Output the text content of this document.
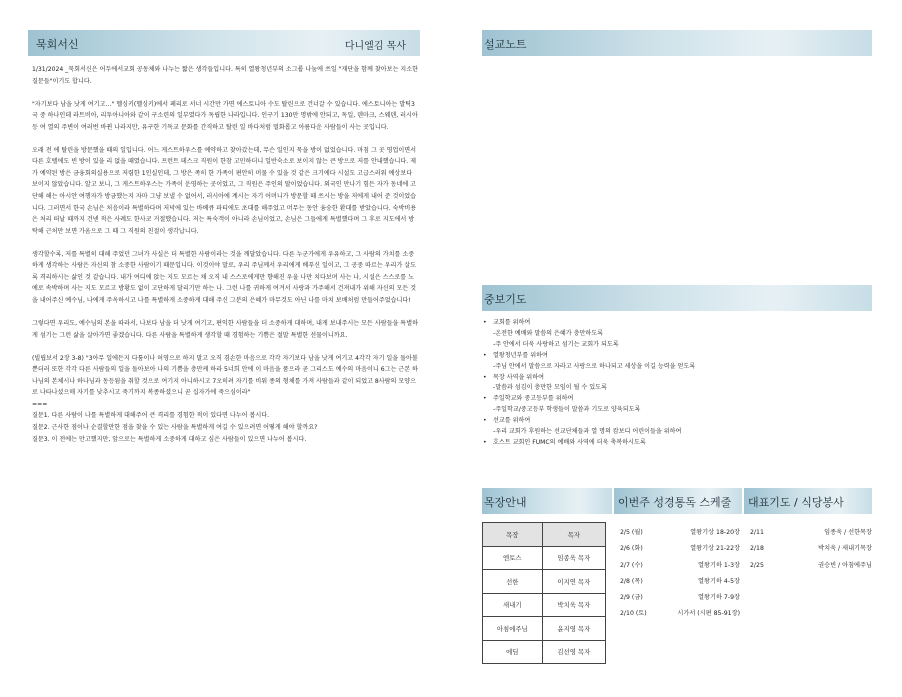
묵회서신	다니엘김 목사

1/31/2024 _묵회서신은 어두에서교회 공동체와 나누는 짧은 생각들입니다. 특히 열왕청년부의 소그룹 나눔에 쓰일 "재단을 함께 찾아보는 지소한 질문들"이기도 합니다.

"자기보다 남을 낫게 여기고…" 헬싱키(헬싱키)에서 페리로 서너 시간만 가면 에스토니아 수도 탈린으로 건너갈 수 있습니다. 에스토니아는 발틱3국 중 하나인데 라트비아, 리투아니아와 같이 구소련의 일부였다가 독립한 나라입니다. 인구기 130만 명밖에 안되고, 독일, 덴마크, 스웨덴, 러시아 등 여 열의 주변이 여러번 바뀐 나라지만, 유구한 기독교 문화를 간직하고 탈린 일 바다처럼 멀화롭고 아름다운 사람들이 사는 곳입니다.

오래 전 에 탈린을 방문했을 때의 일입니다. 어느 게스트하우스를 예약하고 찾아갔는데, 무슨 일인지 묵을 방이 없었습니다. 마침 그 곳 영업이면서 다른 호텔에도 빈 방이 있을 리 없을 때였습니다. 프런트 데스크 직원이 한참 고민하더니 일반숙소로 보이지 않는 큰 방으로 저를 안내했습니다. 제가 예약된 방은 금융회의실용으로 저렴한 1인실인데, 그 방은 족히 한 가족이 편안히 머물 수 있을 것 같은 크기에다 시설도 고급스러워 예상보다 보이지 않았습니다. 알고 보니, 그 게스트하우스는 가족이 운영하는 곳이었고, 그 직원은 주인의 딸이었습니다. 외국인 만나기 힘든 자가 동네에 고단해 해는 아시안 여행자가 방금했는지 자마 그냥 보낼 수 없어서, 러시아에 계시는 자기 어머니가 방문할 때 쓰시는 방을 저에게 내어 준 것이었습니다. 그러면서 한국 손님은 처음이라 특별하다며 저녁에 있는 바베큐 파티에도 초대를 해주었고 머무는 동안 융숭한 환대를 받았습니다. 숙박비용은 처리 떠날 때까지 건넨 적은 사례도 한사코 거절했습니다. 저는 특숙객이 아니라 손님이었고, 손님은 그들에게 특별했다며 그 후로 지도에서 방탁해 근처만 보면 가옴으로 그 때 그 직원의 친절이 생각납니다.

생각할수록, 저를 특별히 대해 주었던 그녀가 사실은 더 특별한 사람이라는 것을 깨달았습니다. 다른 누군가에게 우유하고, 그 사람의 가치를 소중하게 생각하는 사람은 자신의 참 소중한 사람이기 때문입니다. 이것이야 말로, 우리 주님께서 우리에게 베푸신 일이고, 그 공중 따르는 우리가 살도록 격리하시는 삶인 것 같습니다. 내가 여디에 앉는 지도 모르는 채 오직 내 스스로에게만 향해진 우울 나만 치다보며 사는 나, 시설은 스스로를 노예로 속박하며 사는 지도 모르고 방황도 없이 고단하게 달리기만 하는 나. 그런 나를 귀하게 여겨서 사랑과 가주해서 건져내가 위해 자신의 모든 것을 내어주신 예수님, 나에게 주옥하시고 나를 특별하게 소중하게 대해 주신 그분의 은혜가 마무것도 아닌 나를 마치 보배처럼 만들어주었습니다!

그렇다면 우리도, 예수님의 본을 따라서, 나보다 남을 더 낫게 여기고, 편익한 사람들을 더 소중하게 대하며, 내게 보내주시는 모든 사람들을 특별하게 섬기는 그런 삶을 살아가면 좋겠습니다. 다른 사람을 특별하게 생각할 때 경험하는 기쁨은 절말 특별한 선물이니까요.

(빌립보서 2장 3-8) "3아무 일에든지 다툼이나 허영으로 하지 말고 오직 겸손한 마음으로 각각 자기보다 남을 낫게 여기고 4각각 자기 일을 돌아볼 뿐더러 또한 각각 다른 사람들의 일을 돌아보아 나의 기쁨을 충만케 하라 5너희 안에 이 마음을 품으라 곧 그리스도 예수의 마음이니 6그는 근본 하나님의 본체시나 하나님과 동등됨을 취할 것으로 여기지 아니하시고 7오히려 자기를 비워 종의 형체를 가져 사람들과 같이 되었고 8사람의 모양으로 나타나셨으매 자기를 낮추시고 죽기까지 복종하셨으니 곧 십자가에 죽으심이라"

===

질문1. 다른 사람이 나를 특별하게 대해주어 큰 격리를 경험한 적이 있다면 나누어 봅시다.

질문2. 근사한 점이나 순결할만한 점을 찾을 수 있는 사람을 특별하게 여길 수 있으려면 어떻게 해야 할까요?

질문3. 이 전에는 만고했지만, 앞으로는 특별하게 소중하게 대하고 싶은 사람들이 있으면 나누어 봅시다.

설교노트
중보기도
•	교회를 위하여
-온전한 예배와 말씀의 은혜가 충만하도록
-주 안에서 더욱 사랑하고 섬기는 교회가 되도록
•	열왕청년부를 위하여
-주님 안에서 말씀으로 자라고 사랑으로 하나되고 세상을 이길 능력을 얻도록
•	목장 사역을 위하여
-말씀과 섬김이 충만한 모임이 될 수 있도록
•	주일학교와 중고등부를 위하여
-주일학교/중고등부 학생들이 말씀과 기도로 양육되도록
•	선교를 위하여
-우리 교회가 후원하는 선교단체들과 열 명의 캄보디 어린이들을 위하여
•	호스트 교회인 FUMC의 예배와 사역에 더욱 축복하시도록
목장안내
목장	목자
엔토스	임종욱 목자
선한	이지연 목자
새내기	박치욱 목자
아침에주님	윤지영 목자
에딤	김선영 목자
이번주 성경통독 스케줄
2/5 (월)	열왕기상 18-20장
2/6 (화)	열왕기상 21-22장
2/7 (수)	열왕기하 1-3장
2/8 (목)	열왕기하 4-5장
2/9 (금)	열왕기하 7-9장
2/10 (토)	시가서 (시편 85-91장)
대표기도 / 식당봉사
2/11	임종욱 / 선한목장
2/18	박치욱 / 새내기목장
2/25	권승빈 / 아침에주님
